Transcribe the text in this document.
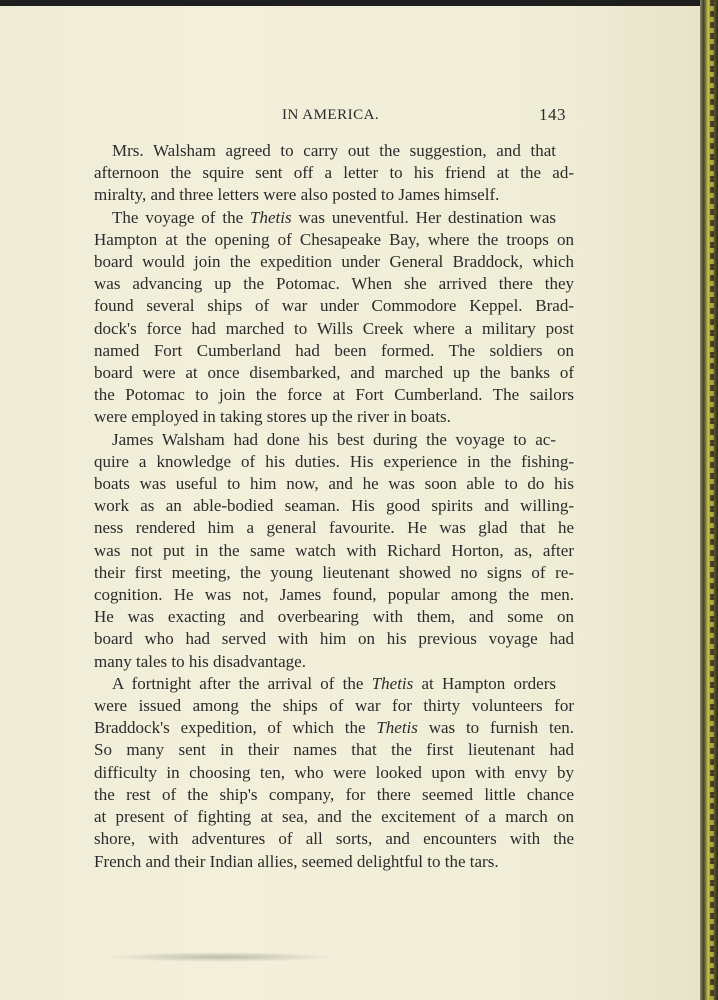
IN AMERICA.	143
Mrs. Walsham agreed to carry out the suggestion, and that
afternoon the squire sent off a letter to his friend at the ad-
miralty, and three letters were also posted to James himself.
The voyage of the Thetis was uneventful. Her destination was
Hampton at the opening of Chesapeake Bay, where the troops on
board would join the expedition under General Braddock, which
was advancing up the Potomac. When she arrived there they
found several ships of war under Commodore Keppel. Brad-
dock's force had marched to Wills Creek where a military post
named Fort Cumberland had been formed. The soldiers on
board were at once disembarked, and marched up the banks of
the Potomac to join the force at Fort Cumberland. The sailors
were employed in taking stores up the river in boats.
James Walsham had done his best during the voyage to ac-
quire a knowledge of his duties. His experience in the fishing-
boats was useful to him now, and he was soon able to do his
work as an able-bodied seaman. His good spirits and willing-
ness rendered him a general favourite. He was glad that he
was not put in the same watch with Richard Horton, as, after
their first meeting, the young lieutenant showed no signs of re-
cognition. He was not, James found, popular among the men.
He was exacting and overbearing with them, and some on
board who had served with him on his previous voyage had
many tales to his disadvantage.
A fortnight after the arrival of the Thetis at Hampton orders
were issued among the ships of war for thirty volunteers for
Braddock's expedition, of which the Thetis was to furnish ten.
So many sent in their names that the first lieutenant had
difficulty in choosing ten, who were looked upon with envy by
the rest of the ship's company, for there seemed little chance
at present of fighting at sea, and the excitement of a march on
shore, with adventures of all sorts, and encounters with the
French and their Indian allies, seemed delightful to the tars.
